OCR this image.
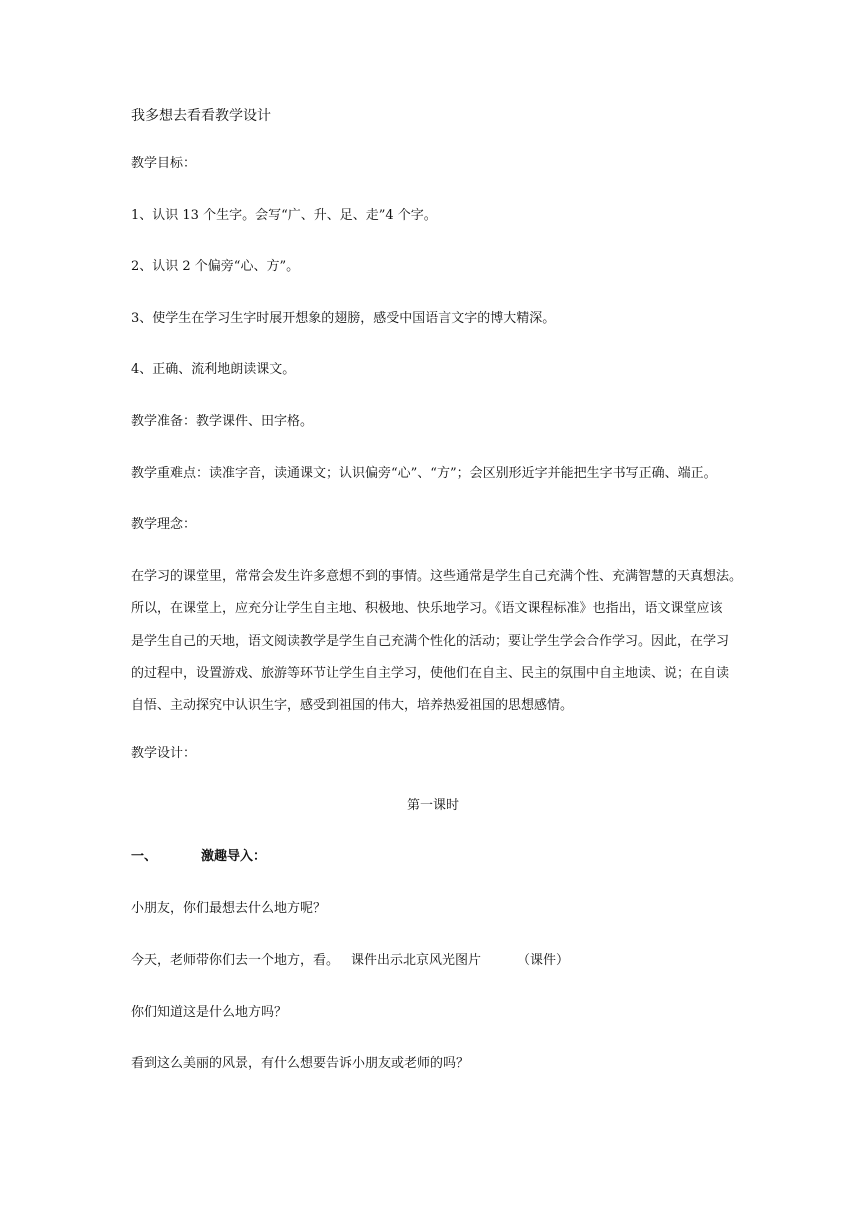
我多想去看看教学设计

教学目标：

1、认识 13 个生字。会写“广、升、足、走”4 个字。

2、认识 2 个偏旁“心、方”。

3、使学生在学习生字时展开想象的翅膀，感受中国语言文字的博大精深。

4、正确、流利地朗读课文。

教学准备：教学课件、田字格。

教学重难点：读准字音，读通课文；认识偏旁“心”、“方”；会区别形近字并能把生字书写正确、端正。

教学理念：

在学习的课堂里，常常会发生许多意想不到的事情。这些通常是学生自己充满个性、充满智慧的天真想法。

所以，在课堂上，应充分让学生自主地、积极地、快乐地学习。《语文课程标准》也指出，语文课堂应该

是学生自己的天地，语文阅读教学是学生自己充满个性化的活动；要让学生学会合作学习。因此，在学习

的过程中，设置游戏、旅游等环节让学生自主学习，使他们在自主、民主的氛围中自主地读、说；在自读

自悟、主动探究中认识生字，感受到祖国的伟大，培养热爱祖国的思想感情。

教学设计：

第一课时

一、	激趣导入：

小朋友，你们最想去什么地方呢？

今天，老师带你们去一个地方，看。 课件出示北京风光图片	（课件）

你们知道这是什么地方吗？

看到这么美丽的风景，有什么想要告诉小朋友或老师的吗？
